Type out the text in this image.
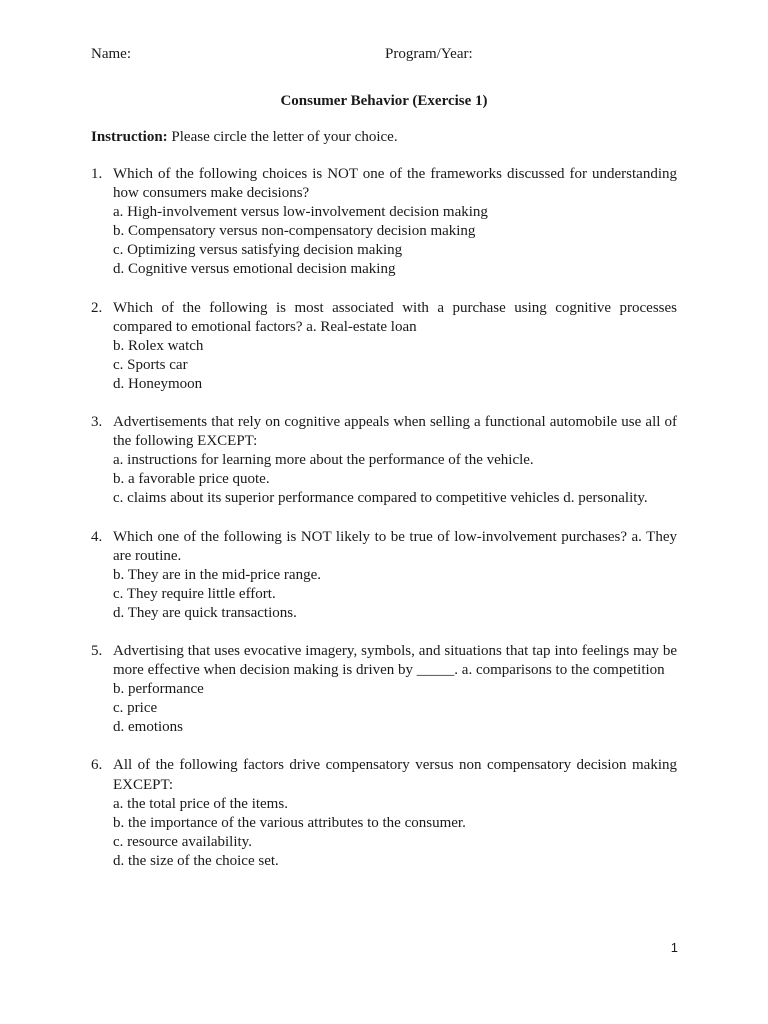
Name:	Program/Year:
Consumer Behavior (Exercise 1)
Instruction: Please circle the letter of your choice.
1. Which of the following choices is NOT one of the frameworks discussed for understanding how consumers make decisions?
a. High-involvement versus low-involvement decision making
b. Compensatory versus non-compensatory decision making
c. Optimizing versus satisfying decision making
d. Cognitive versus emotional decision making
2. Which of the following is most associated with a purchase using cognitive processes compared to emotional factors? a. Real-estate loan
b. Rolex watch
c. Sports car
d. Honeymoon
3. Advertisements that rely on cognitive appeals when selling a functional automobile use all of the following EXCEPT:
a. instructions for learning more about the performance of the vehicle.
b. a favorable price quote.
c. claims about its superior performance compared to competitive vehicles d. personality.
4. Which one of the following is NOT likely to be true of low-involvement purchases? a. They are routine.
b. They are in the mid-price range.
c. They require little effort.
d. They are quick transactions.
5. Advertising that uses evocative imagery, symbols, and situations that tap into feelings may be more effective when decision making is driven by _____. a. comparisons to the competition
b. performance
c. price
d. emotions
6. All of the following factors drive compensatory versus non compensatory decision making EXCEPT:
a. the total price of the items.
b. the importance of the various attributes to the consumer.
c. resource availability.
d. the size of the choice set.
1
